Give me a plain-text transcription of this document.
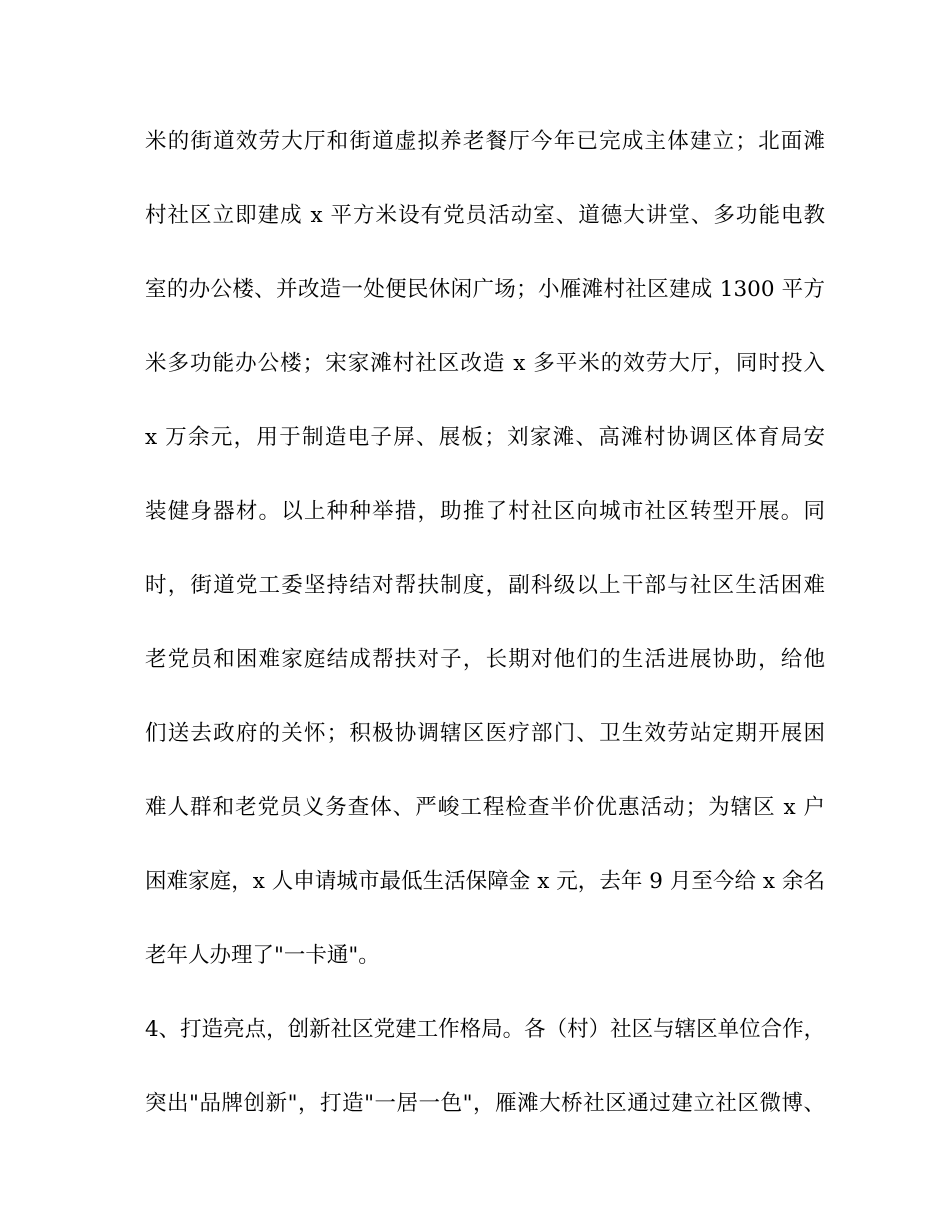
米的街道效劳大厅和街道虚拟养老餐厅今年已完成主体建立；北面滩
村社区立即建成 x 平方米设有党员活动室、道德大讲堂、多功能电教
室的办公楼、并改造一处便民休闲广场；小雁滩村社区建成 1300 平方
米多功能办公楼；宋家滩村社区改造 x 多平米的效劳大厅，同时投入
x 万余元，用于制造电子屏、展板；刘家滩、高滩村协调区体育局安
装健身器材。以上种种举措，助推了村社区向城市社区转型开展。同
时，街道党工委坚持结对帮扶制度，副科级以上干部与社区生活困难
老党员和困难家庭结成帮扶对子，长期对他们的生活进展协助，给他
们送去政府的关怀；积极协调辖区医疗部门、卫生效劳站定期开展困
难人群和老党员义务查体、严峻工程检查半价优惠活动；为辖区 x 户
困难家庭，x 人申请城市最低生活保障金 x 元，去年 9 月至今给 x 余名
老年人办理了"一卡通"。
4、打造亮点，创新社区党建工作格局。各（村）社区与辖区单位合作，
突出"品牌创新"，打造"一居一色"，雁滩大桥社区通过建立社区微博、
